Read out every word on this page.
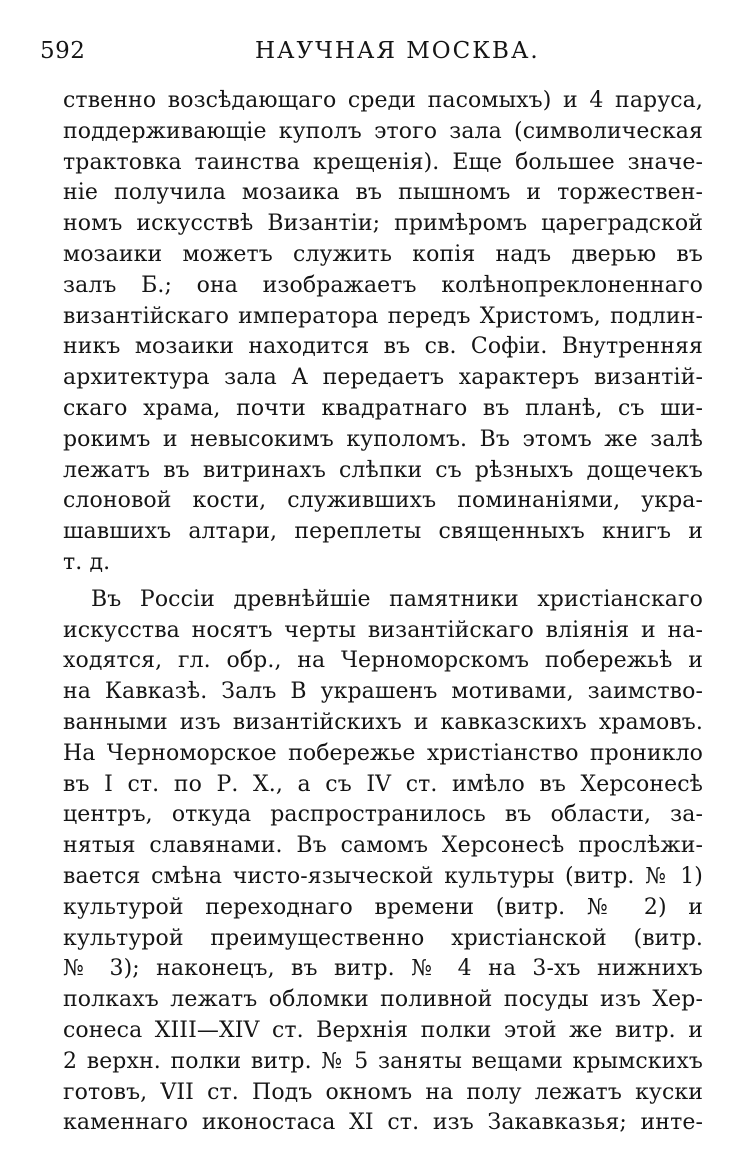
592	НАУЧНАЯ МОСКВА.
ственно возсѣдающаго среди пасомыхъ) и 4 паруса,
поддерживающіе куполъ этого зала (символическая
трактовка таинства крещенія). Еще большее значе-
ніе получила мозаика въ пышномъ и торжествен-
номъ искусствѣ Византіи; примѣромъ цареградской
мозаики можетъ служить копія надъ дверью въ
залъ Б.; она изображаетъ колѣнопреклоненнаго
византійскаго императора передъ Христомъ, подлин-
никъ мозаики находится въ св. Софіи. Внутренняя
архитектура зала А передаетъ характеръ византій-
скаго храма, почти квадратнаго въ планѣ, съ ши-
рокимъ и невысокимъ куполомъ. Въ этомъ же залѣ
лежатъ въ витринахъ слѣпки съ рѣзныхъ дощечекъ
слоновой кости, служившихъ поминаніями, укра-
шавшихъ алтари, переплеты священныхъ книгъ и
т. д.
Въ Россіи древнѣйшіе памятники христіанскаго
искусства носятъ черты византійскаго вліянія и на-
ходятся, гл. обр., на Черноморскомъ побережьѣ и
на Кавказѣ. Залъ В украшенъ мотивами, заимство-
ванными изъ византійскихъ и кавказскихъ храмовъ.
На Черноморское побережье христіанство проникло
въ I ст. по Р. Х., а съ IV ст. имѣло въ Херсонесѣ
центръ, откуда распространилось въ области, за-
нятыя славянами. Въ самомъ Херсонесѣ прослѣжи-
вается смѣна чисто-языческой культуры (витр. № 1)
культурой переходнаго времени (витр. № 2) и
культурой преимущественно христіанской (витр.
№ 3); наконецъ, въ витр. № 4 на 3-хъ нижнихъ
полкахъ лежатъ обломки поливной посуды изъ Хер-
сонеса XIII—XIV ст. Верхнія полки этой же витр. и
2 верхн. полки витр. № 5 заняты вещами крымскихъ
готовъ, VII ст. Подъ окномъ на полу лежатъ куски
каменнаго иконостаса XI ст. изъ Закавказья; инте-
